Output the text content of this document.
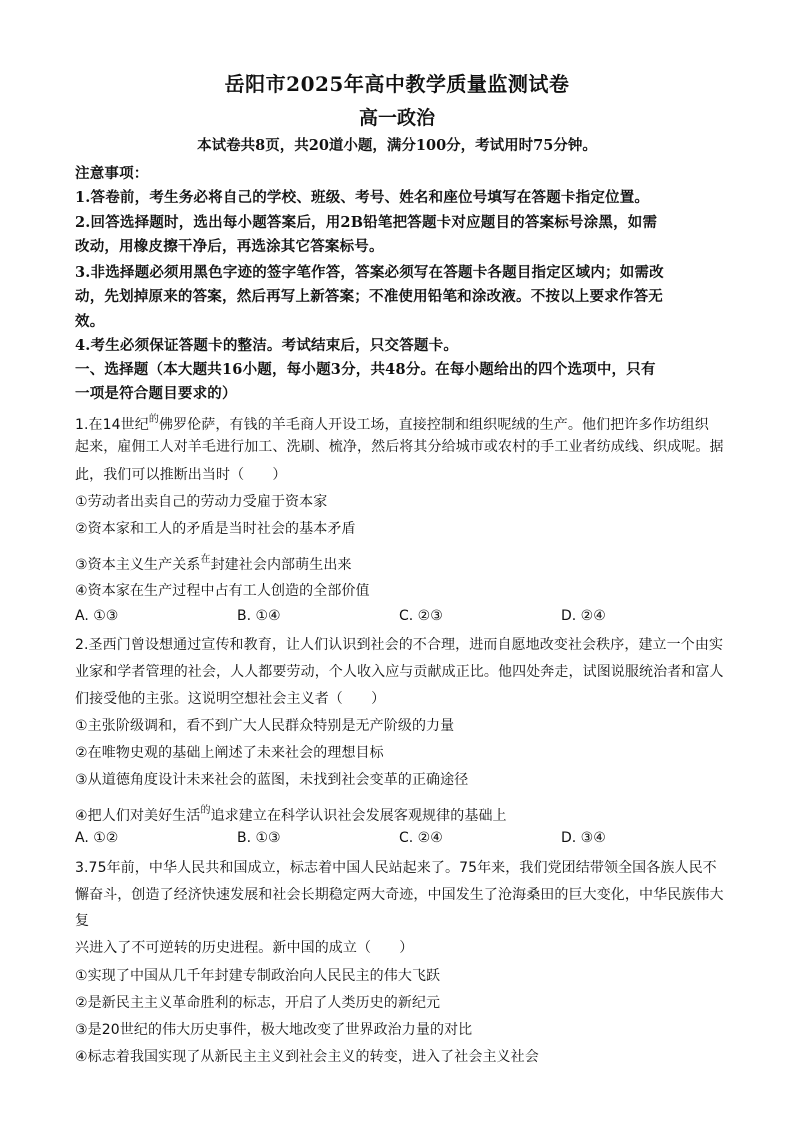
岳阳市2025年高中教学质量监测试卷
高一政治
本试卷共8页，共20道小题，满分100分，考试用时75分钟。
注意事项：
1.答卷前，考生务必将自己的学校、班级、考号、姓名和座位号填写在答题卡指定位置。
2.回答选择题时，选出每小题答案后，用2B铅笔把答题卡对应题目的答案标号涂黑，如需
改动，用橡皮擦干净后，再选涂其它答案标号。
3.非选择题必须用黑色字迹的签字笔作答，答案必须写在答题卡各题目指定区域内；如需改
动，先划掉原来的答案，然后再写上新答案；不准使用铅笔和涂改液。不按以上要求作答无
效。
4.考生必须保证答题卡的整洁。考试结束后，只交答题卡。
一、选择题（本大题共16小题，每小题3分，共48分。在每小题给出的四个选项中，只有
一项是符合题目要求的）
1.在14世纪$^的$佛罗伦萨，有钱的羊毛商人开设工场，直接控制和组织呢绒的生产。他们把许多作坊组织
起来，雇佣工人对羊毛进行加工、洗刷、梳净，然后将其分给城市或农村的手工业者纺成线、织成呢。据
此，我们可以推断出当时（　　）
①劳动者出卖自己的劳动力受雇于资本家
②资本家和工人的矛盾是当时社会的基本矛盾
③资本主义生产关系$^在$封建社会内部萌生出来
④资本家在生产过程中占有工人创造的全部价值
A. ①③	B. ①④	C. ②③	D. ②④
2.圣西门曾设想通过宣传和教育，让人们认识到社会的不合理，进而自愿地改变社会秩序，建立一个由实
业家和学者管理的社会，人人都要劳动，个人收入应与贡献成正比。他四处奔走，试图说服统治者和富人
们接受他的主张。这说明空想社会主义者（　　）
①主张阶级调和，看不到广大人民群众特别是无产阶级的力量
②在唯物史观的基础上阐述了未来社会的理想目标
③从道德角度设计未来社会的蓝图，未找到社会变革的正确途径
④把人们对美好生活$^的$追求建立在科学认识社会发展客观规律的基础上
A. ①②	B. ①③	C. ②④	D. ③④
3.75年前，中华人民共和国成立，标志着中国人民站起来了。75年来，我们党团结带领全国各族人民不
懈奋斗，创造了经济快速发展和社会长期稳定两大奇迹，中国发生了沧海桑田的巨大变化，中华民族伟大
复
兴进入了不可逆转的历史进程。新中国的成立（　　）
①实现了中国从几千年封建专制政治向人民民主的伟大飞跃
②是新民主主义革命胜利的标志，开启了人类历史的新纪元
③是20世纪的伟大历史事件，极大地改变了世界政治力量的对比
④标志着我国实现了从新民主主义到社会主义的转变，进入了社会主义社会
